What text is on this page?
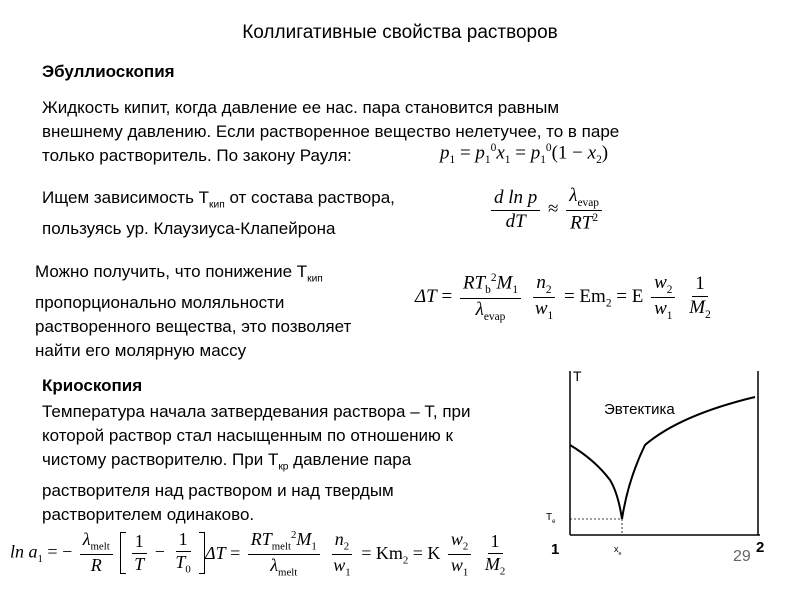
Коллигативные свойства растворов
Эбуллиоскопия
Жидкость кипит, когда давление ее нас. пара становится равным
внешнему давлению. Если растворенное вещество нелетучее, то в паре
только растворитель. По закону Рауля:	$p_1 = p_1^0x_1 = p_1^0(1 - x_2)$
Ищем зависимость $Т_{кип}$ от состава раствора,
пользуясь ур. Клаузиуса-Клапейрона	$\frac{\text{d ln p}}{dT} \approx \frac{\lambda_{evap}}{RT^2}$
Можно получить, что понижение $Т_{кип}$
пропорционально моляльности
растворенного вещества, это позволяет
найти его молярную массу
$\Delta T = \frac{RT_b^2M_1}{\lambda_{evap}}$
$\frac{n_2}{w_1} = Em_2 = E \frac{w_2}{w_1}$
$\frac{1}{M_2}$
Криоскопия
Температура начала затвердевания раствора – Т, при
которой раствор стал насыщенным по отношению к
чистому растворителю. При $Т_{кр}$ давление пара
растворителя над раствором и над твердым
растворителем одинаково.
$\ln a_1$ = − $\frac{\lambda_{melt}}{R}$
$\frac{1}{T} - \frac{1}{T_0}$ $\Delta T = \frac{RT_{melt}^2M_1}{\lambda_{melt}}$
$\frac{n_2}{w_1} = Km_2 = K \frac{w_2}{w_1}$
$\frac{1}{M_2}$
T
Эвтектика
$T_e$
$x_e$
1	2
29
